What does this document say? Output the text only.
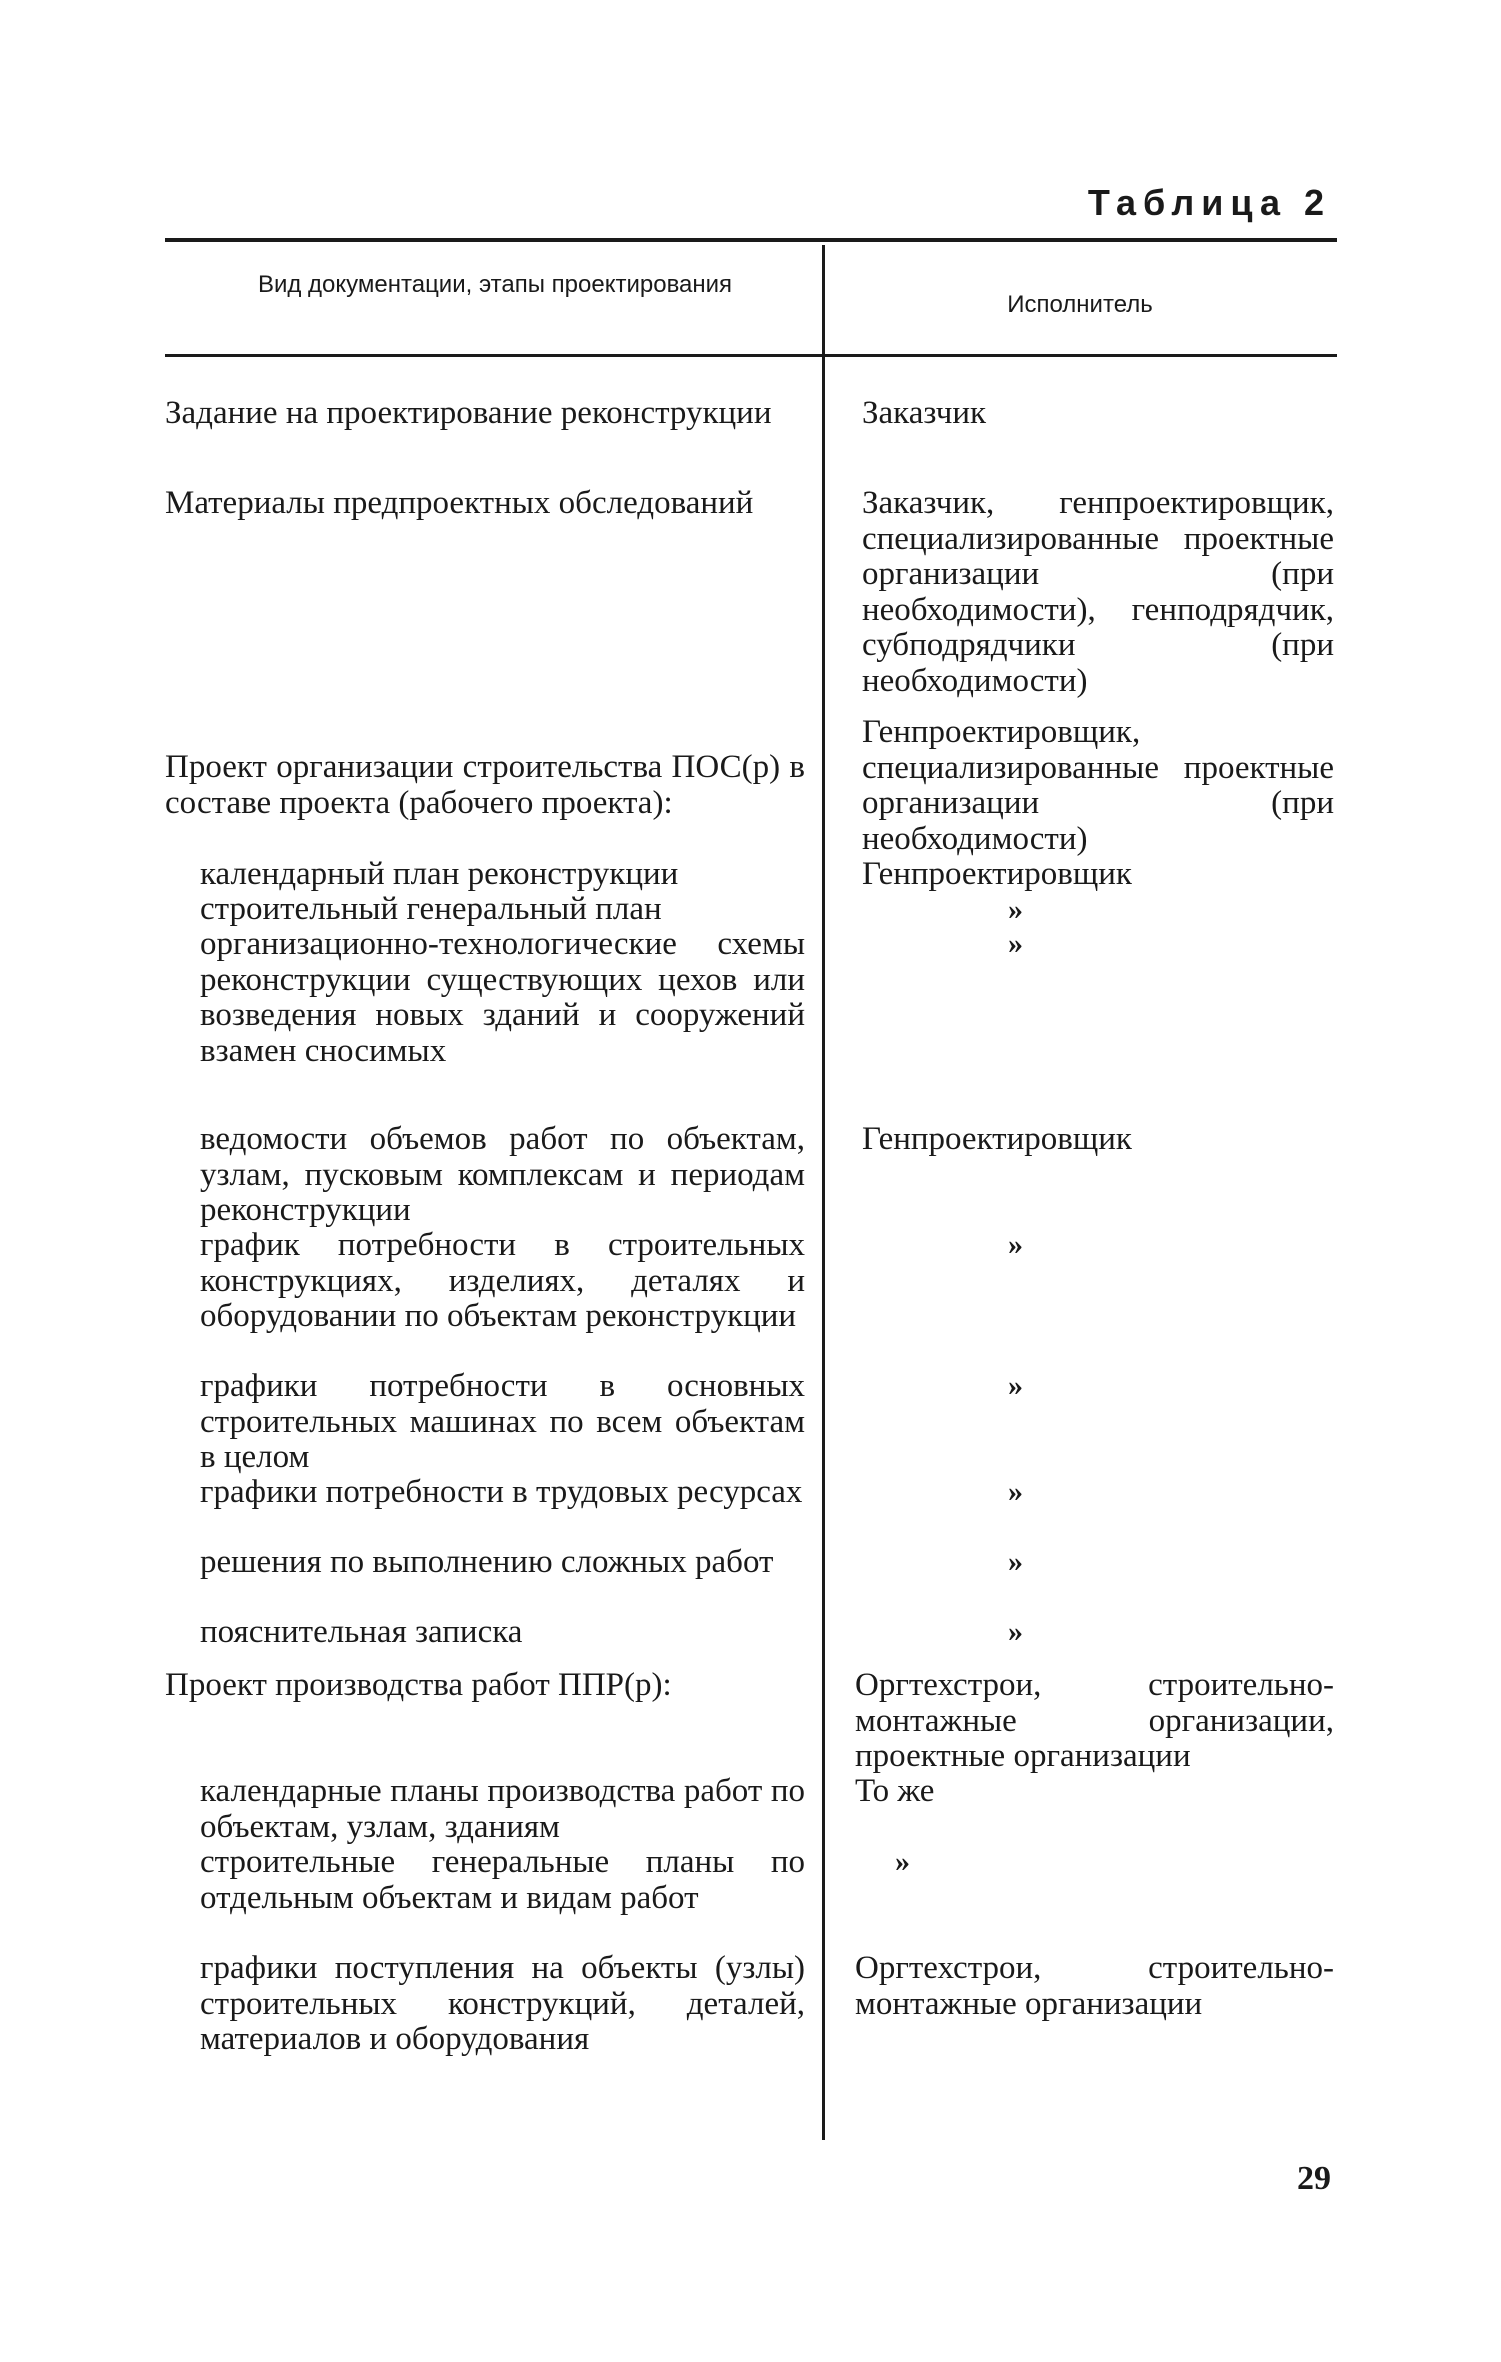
Таблица 2
Вид документации, этапы проектирования
Исполнитель
Задание на проектирование реконструкции
Материалы предпроектных обследований
Проект организации строительства ПОС(р) в составе проекта (рабочего проекта):
календарный план реконструкции
строительный генеральный план
организационно-технологические схемы реконструкции существующих цехов или возведения новых зданий и сооружений взамен сносимых
ведомости объемов работ по объектам, узлам, пусковым комплексам и периодам реконструкции
график потребности в строительных конструкциях, изделиях, деталях и оборудовании по объектам реконструкции
графики потребности в основных строительных машинах по всем объектам в целом
графики потребности в трудовых ресурсах
решения по выполнению сложных работ
пояснительная записка
Проект производства работ ППР(р):
календарные планы производства работ по объектам, узлам, зданиям
строительные генеральные планы по отдельным объектам и видам работ
графики поступления на объекты (узлы) строительных конструкций, деталей, материалов и оборудования
Заказчик
Заказчик, генпроектировщик, специализированные проектные организации (при необходимости), генподрядчик, субподрядчики (при необходимости)
Генпроектировщик, специализированные проектные организации (при необходимости)
Генпроектировщик
»
»
Генпроектировщик
»
»
»
»
»
Оргтехстрои, строительно-монтажные организации, проектные организации
То же
»
Оргтехстрои, строительно-монтажные организации
29
